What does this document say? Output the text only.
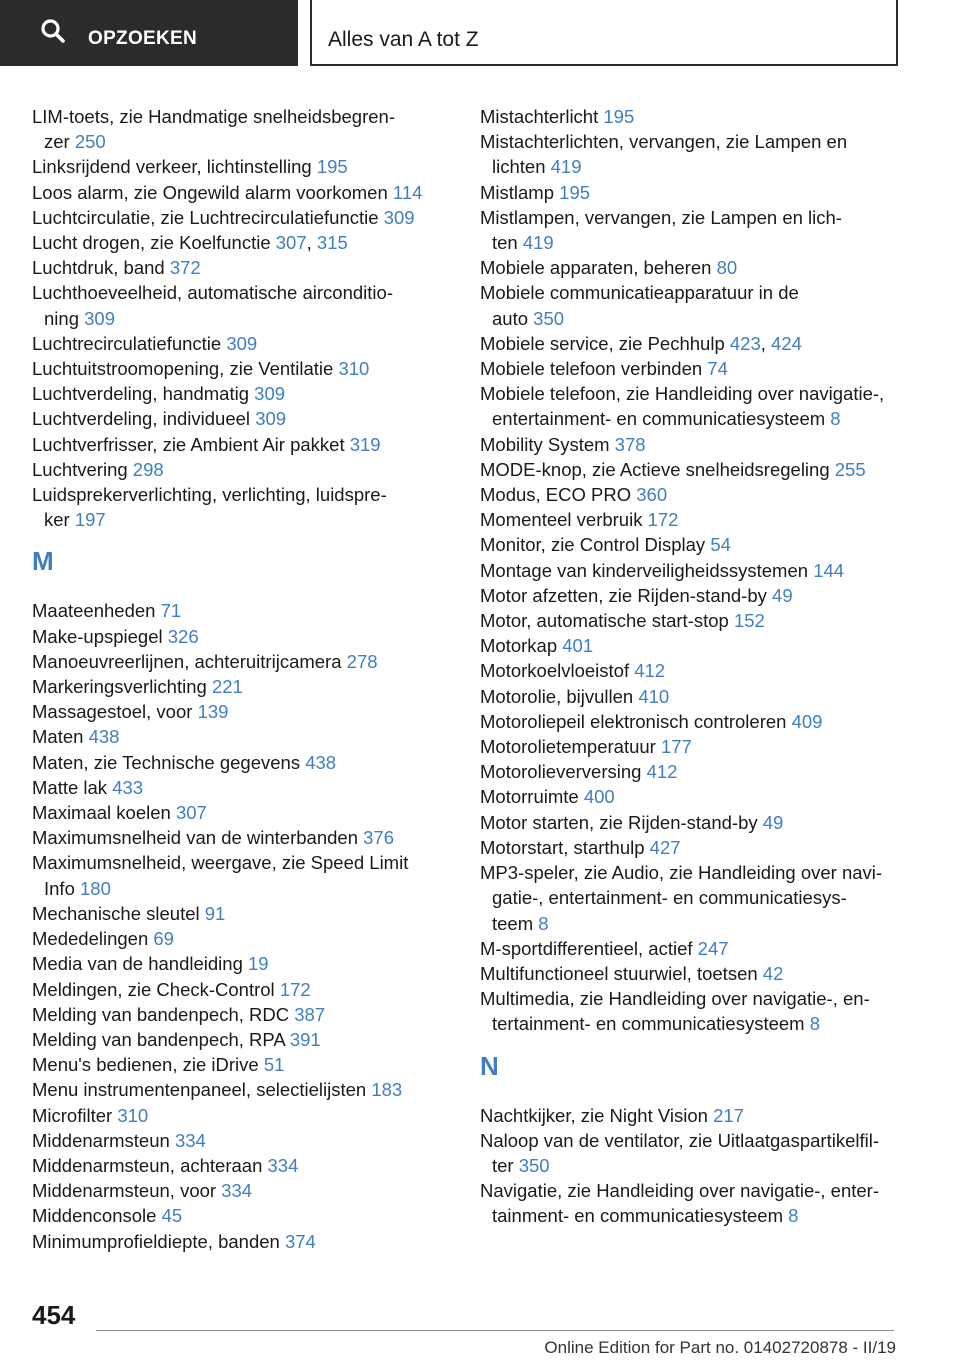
OPZOEKEN	Alles van A tot Z
LIM-toets, zie Handmatige snelheidsbegren-
zer 250
Linksrijdend verkeer, lichtinstelling 195
Loos alarm, zie Ongewild alarm voorkomen 114
Luchtcirculatie, zie Luchtrecirculatiefunctie 309
Lucht drogen, zie Koelfunctie 307, 315
Luchtdruk, band 372
Luchthoeveelheid, automatische airconditio-
ning 309
Luchtrecirculatiefunctie 309
Luchtuitstroomopening, zie Ventilatie 310
Luchtverdeling, handmatig 309
Luchtverdeling, individueel 309
Luchtverfrisser, zie Ambient Air pakket 319
Luchtvering 298
Luidsprekerverlichting, verlichting, luidspre-
ker 197
M
Maateenheden 71
Make-upspiegel 326
Manoeuvreerlijnen, achteruitrijcamera 278
Markeringsverlichting 221
Massagestoel, voor 139
Maten 438
Maten, zie Technische gegevens 438
Matte lak 433
Maximaal koelen 307
Maximumsnelheid van de winterbanden 376
Maximumsnelheid, weergave, zie Speed Limit
Info 180
Mechanische sleutel 91
Mededelingen 69
Media van de handleiding 19
Meldingen, zie Check-Control 172
Melding van bandenpech, RDC 387
Melding van bandenpech, RPA 391
Menu's bedienen, zie iDrive 51
Menu instrumentenpaneel, selectielijsten 183
Microfilter 310
Middenarmsteun 334
Middenarmsteun, achteraan 334
Middenarmsteun, voor 334
Middenconsole 45
Minimumprofieldiepte, banden 374
Mistachterlicht 195
Mistachterlichten, vervangen, zie Lampen en
lichten 419
Mistlamp 195
Mistlampen, vervangen, zie Lampen en lich-
ten 419
Mobiele apparaten, beheren 80
Mobiele communicatieapparatuur in de
auto 350
Mobiele service, zie Pechhulp 423, 424
Mobiele telefoon verbinden 74
Mobiele telefoon, zie Handleiding over navigatie-,
entertainment- en communicatiesysteem 8
Mobility System 378
MODE-knop, zie Actieve snelheidsregeling 255
Modus, ECO PRO 360
Momenteel verbruik 172
Monitor, zie Control Display 54
Montage van kinderveiligheidssystemen 144
Motor afzetten, zie Rijden-stand-by 49
Motor, automatische start-stop 152
Motorkap 401
Motorkoelvloeistof 412
Motorolie, bijvullen 410
Motoroliepeil elektronisch controleren 409
Motorolietemperatuur 177
Motorolieverversing 412
Motorruimte 400
Motor starten, zie Rijden-stand-by 49
Motorstart, starthulp 427
MP3-speler, zie Audio, zie Handleiding over navi-
gatie-, entertainment- en communicatiesys-
teem 8
M-sportdifferentieel, actief 247
Multifunctioneel stuurwiel, toetsen 42
Multimedia, zie Handleiding over navigatie-, en-
tertainment- en communicatiesysteem 8
N
Nachtkijker, zie Night Vision 217
Naloop van de ventilator, zie Uitlaatgaspartikelfil-
ter 350
Navigatie, zie Handleiding over navigatie-, enter-
tainment- en communicatiesysteem 8
454
Online Edition for Part no. 01402720878 - II/19
